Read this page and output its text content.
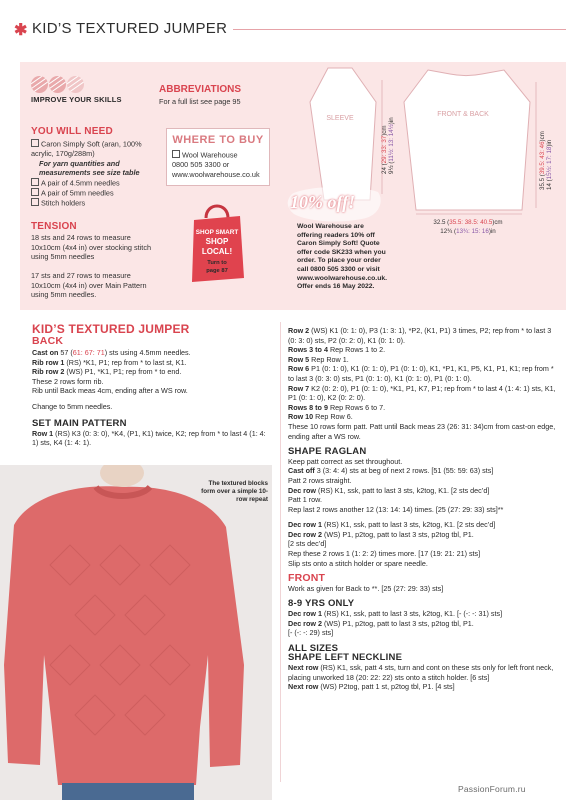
✱ KID’S TEXTURED JUMPER
IMPROVE YOUR SKILLS
ABBREVIATIONS
For a full list see page 95
YOU WILL NEED

Caron Simply Soft (aran, 100% acrylic, 170g/288m)

For yarn quantities and measurements see size table

A pair of 4.5mm needles

A pair of 5mm needles

Stitch holders

TENSION
18 sts and 24 rows to measure 10x10cm (4x4 in) over stocking stitch using 5mm needles
17 sts and 27 rows to measure 10x10cm (4x4 in) over Main Pattern using 5mm needles.
WHERE TO BUY

Wool Warehouse

0800 505 3300 or

www.woolwarehouse.co.uk

SHOP SMART
SHOP
LOCAL!
Turn to
page 87
SLEEVE
FRONT & BACK
24 (29: 33: 37)cm
9½ (11½: 13: 14½)in
35.5 (39.5: 43: 46)cm
14 (15½: 17: 18)in
32.5 (35.5: 38.5: 40.5)cm
12¾ (13¾: 15: 16)in
10% off!
Wool Warehouse are offering readers 10% off Caron Simply Soft! Quote offer code SK233 when you order. To place your order call 0800 505 3300 or visit www.woolwarehouse.co.uk. Offer ends 16 May 2022.
KID’S TEXTURED JUMPER
BACK

Cast on 57 (61: 67: 71) sts using 4.5mm needles.

Rib row 1 (RS) *K1, P1; rep from * to last st, K1.

Rib row 2 (WS) P1, *K1, P1; rep from * to end.

These 2 rows form rib.

Rib until Back meas 4cm, ending after a WS row.

Change to 5mm needles.

SET MAIN PATTERN

Row 1 (RS) K3 (0: 3: 0), *K4, (P1, K1) twice, K2; rep from * to last 4 (1: 4: 1) sts, K4 (1: 4: 1).

The textured blocks form over a simple 10-row repeat

Row 2 (WS) K1 (0: 1: 0), P3 (1: 3: 1), *P2, (K1, P1) 3 times, P2; rep from * to last 3 (0: 3: 0) sts, P2 (0: 2: 0), K1 (0: 1: 0).

Rows 3 to 4 Rep Rows 1 to 2.

Row 5 Rep Row 1.

Row 6 P1 (0: 1: 0), K1 (0: 1: 0), P1 (0: 1: 0), K1, *P1, K1, P5, K1, P1, K1; rep from * to last 3 (0: 3: 0) sts, P1 (0: 1: 0), K1 (0: 1: 0), P1 (0: 1: 0).

Row 7 K2 (0: 2: 0), P1 (0: 1: 0), *K1, P1, K7, P1; rep from * to last 4 (1: 4: 1) sts, K1, P1 (0: 1: 0), K2 (0: 2: 0).

Rows 8 to 9 Rep Rows 6 to 7.

Row 10 Rep Row 6.

These 10 rows form patt. Patt until Back meas 23 (26: 31: 34)cm from cast-on edge, ending after a WS row.

SHAPE RAGLAN

Keep patt correct as set throughout.

Cast off 3 (3: 4: 4) sts at beg of next 2 rows. [51 (55: 59: 63) sts]

Patt 2 rows straight.

Dec row (RS) K1, ssk, patt to last 3 sts, k2tog, K1. [2 sts dec’d]

Patt 1 row.

Rep last 2 rows another 12 (13: 14: 14) times. [25 (27: 29: 33) sts]**

Dec row 1 (RS) K1, ssk, patt to last 3 sts, k2tog, K1. [2 sts dec’d]

Dec row 2 (WS) P1, p2tog, patt to last 3 sts, p2tog tbl, P1.

[2 sts dec’d]

Rep these 2 rows 1 (1: 2: 2) times more. [17 (19: 21: 21) sts]

Slip sts onto a stitch holder or spare needle.

FRONT

Work as given for Back to **. [25 (27: 29: 33) sts]

8-9 YRS ONLY

Dec row 1 (RS) K1, ssk, patt to last 3 sts, k2tog, K1. [- (-: -: 31) sts]

Dec row 2 (WS) P1, p2tog, patt to last 3 sts, p2tog tbl, P1.

[- (-: -: 29) sts]

ALL SIZES
SHAPE LEFT NECKLINE

Next row (RS) K1, ssk, patt 4 sts, turn and cont on these sts only for left front neck, placing unworked 18 (20: 22: 22) sts onto a stitch holder. [6 sts]

Next row (WS) P2tog, patt 1 st, p2tog tbl, P1. [4 sts]

PassionForum.ru
